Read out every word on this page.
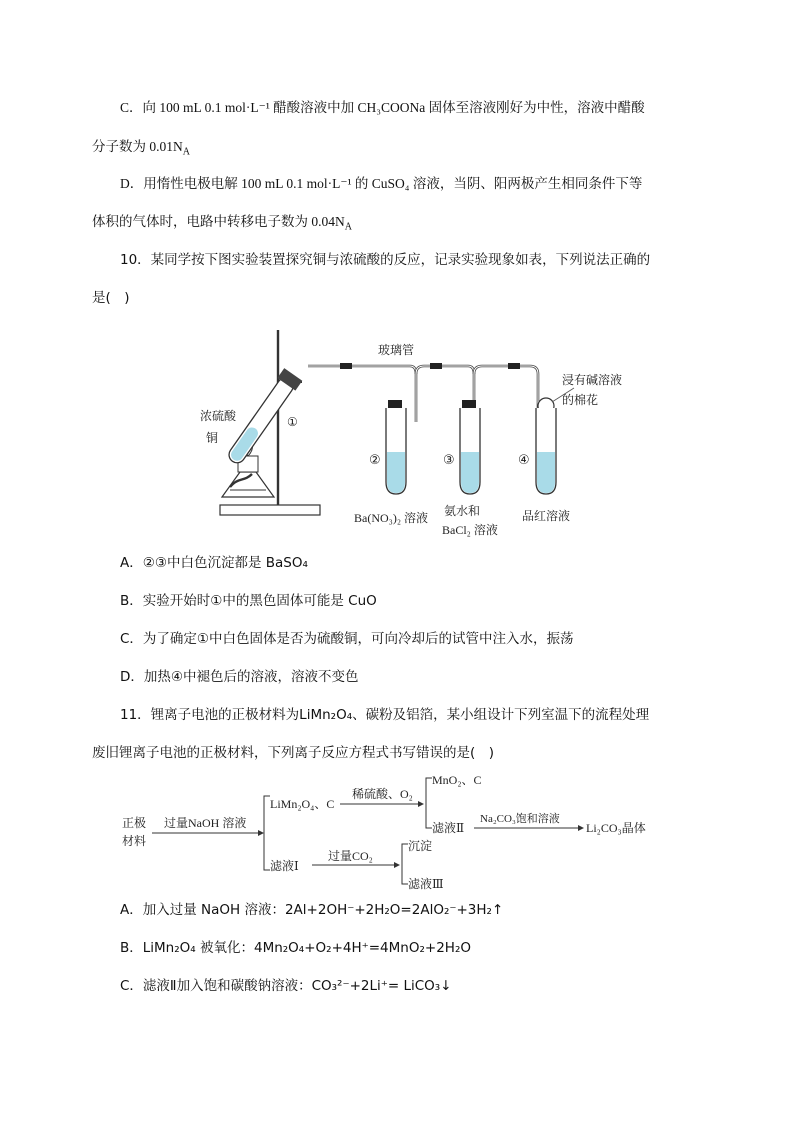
C．向 100 mL 0.1 mol·L⁻¹ 醋酸溶液中加 CH₃COONa 固体至溶液刚好为中性，溶液中醋酸
分子数为 $0.01N_A$
D．用惰性电极电解 100 mL 0.1 mol·L⁻¹ 的 CuSO₄ 溶液，当阴、阳两极产生相同条件下等
体积的气体时，电路中转移电子数为 $0.04N_A$
10．某同学按下图实验装置探究铜与浓硫酸的反应，记录实验现象如表，下列说法正确的
是(　)
玻璃管
浓硫酸
铜
①
②	③	④
浸有碱溶液
的棉花
Ba(NO₃)₂ 溶液 氨水和
BaCl₂ 溶液
品红溶液
A．②③中白色沉淀都是 BaSO₄
B．实验开始时①中的黑色固体可能是 CuO
C．为了确定①中白色固体是否为硫酸铜，可向冷却后的试管中注入水，振荡
D．加热④中褪色后的溶液，溶液不变色
11．锂离子电池的正极材料为LiMn₂O₄、碳粉及铝箔，某小组设计下列室温下的流程处理
废旧锂离子电池的正极材料，下列离子反应方程式书写错误的是(　)
正极
材料
过量NaOH 溶液
LiMn₂O₄、C
稀硫酸、O₂
MnO₂、C
滤液Ⅱ
Na₂CO₃饱和溶液
Li₂CO₃晶体
滤液Ⅰ
过量CO₂
沉淀
滤液Ⅲ
A．加入过量 NaOH 溶液：2Al+2OH⁻+2H₂O=2AlO₂⁻+3H₂↑
B．LiMn₂O₄ 被氧化：4Mn₂O₄+O₂+4H⁺=4MnO₂+2H₂O
C．滤液Ⅱ加入饱和碳酸钠溶液：CO₃²⁻+2Li⁺= LiCO₃↓
